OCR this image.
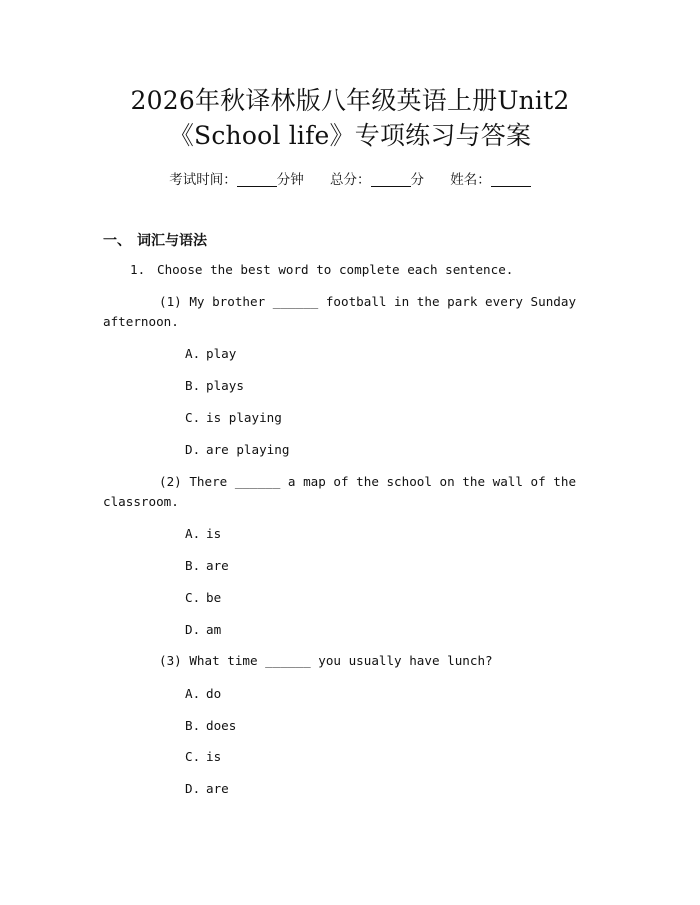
2026年秋译林版八年级英语上册Unit2
《School life》专项练习与答案
考试时间：	分钟 总分：	分 姓名：
一、 词汇与语法
1. Choose the best word to complete each sentence.
(1) My brother ______ football in the park every Sunday
afternoon.
A. play
B. plays
C. is playing
D. are playing
(2) There ______ a map of the school on the wall of the
classroom.
A. is
B. are
C. be
D. am
(3) What time ______ you usually have lunch?
A. do
B. does
C. is
D. are
